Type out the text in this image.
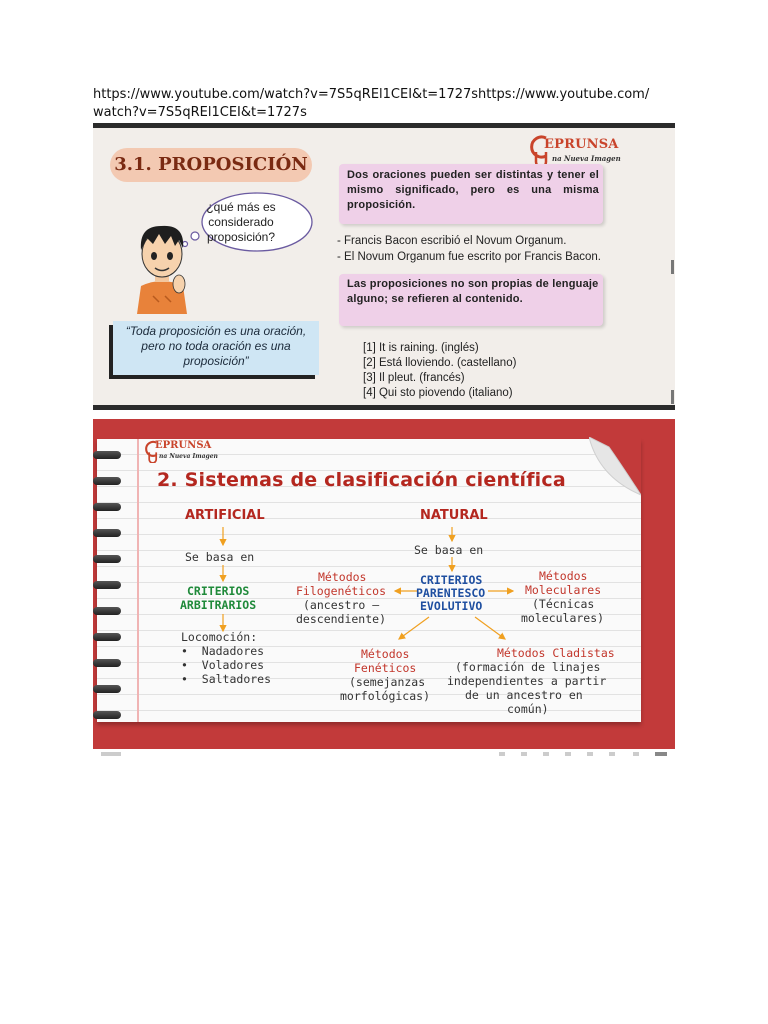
https://www.youtube.com/watch?v=7S5qREl1CEI&t=1727shttps://www.youtube.com/watch?v=7S5qREl1CEI&t=1727s
3.1. PROPOSICIÓN
EPRUNSA
na Nueva Imagen
¿qué más es considerado proposición?
“Toda proposición es una oración, pero no toda oración es una proposición”
Dos oraciones pueden ser distintas y tener el mismo significado, pero es una misma proposición.
- Francis Bacon escribió el Novum Organum.
- El Novum Organum fue escrito por Francis Bacon.
Las proposiciones no son propias de lenguaje alguno; se refieren al contenido.
[1] It is raining. (inglés)
[2] Está lloviendo. (castellano)
[3] Il pleut. (francés)
[4] Qui sto piovendo (italiano)
EPRUNSA
na Nueva Imagen
2. Sistemas de clasificación científica
ARTIFICIAL
Se basa en
CRITERIOS
ARBITRARIOS
Locomoción:
•  Nadadores
•  Voladores
•  Saltadores
NATURAL
Se basa en
CRITERIOS
PARENTESCO
EVOLUTIVO
Métodos
Filogenéticos
(ancestro –
descendiente)
Métodos
Moleculares
(Técnicas
moleculares)
Métodos
Fenéticos
(semejanzas
morfológicas)
Métodos Cladistas
(formación de linajes
independientes a partir
de un ancestro en
común)
